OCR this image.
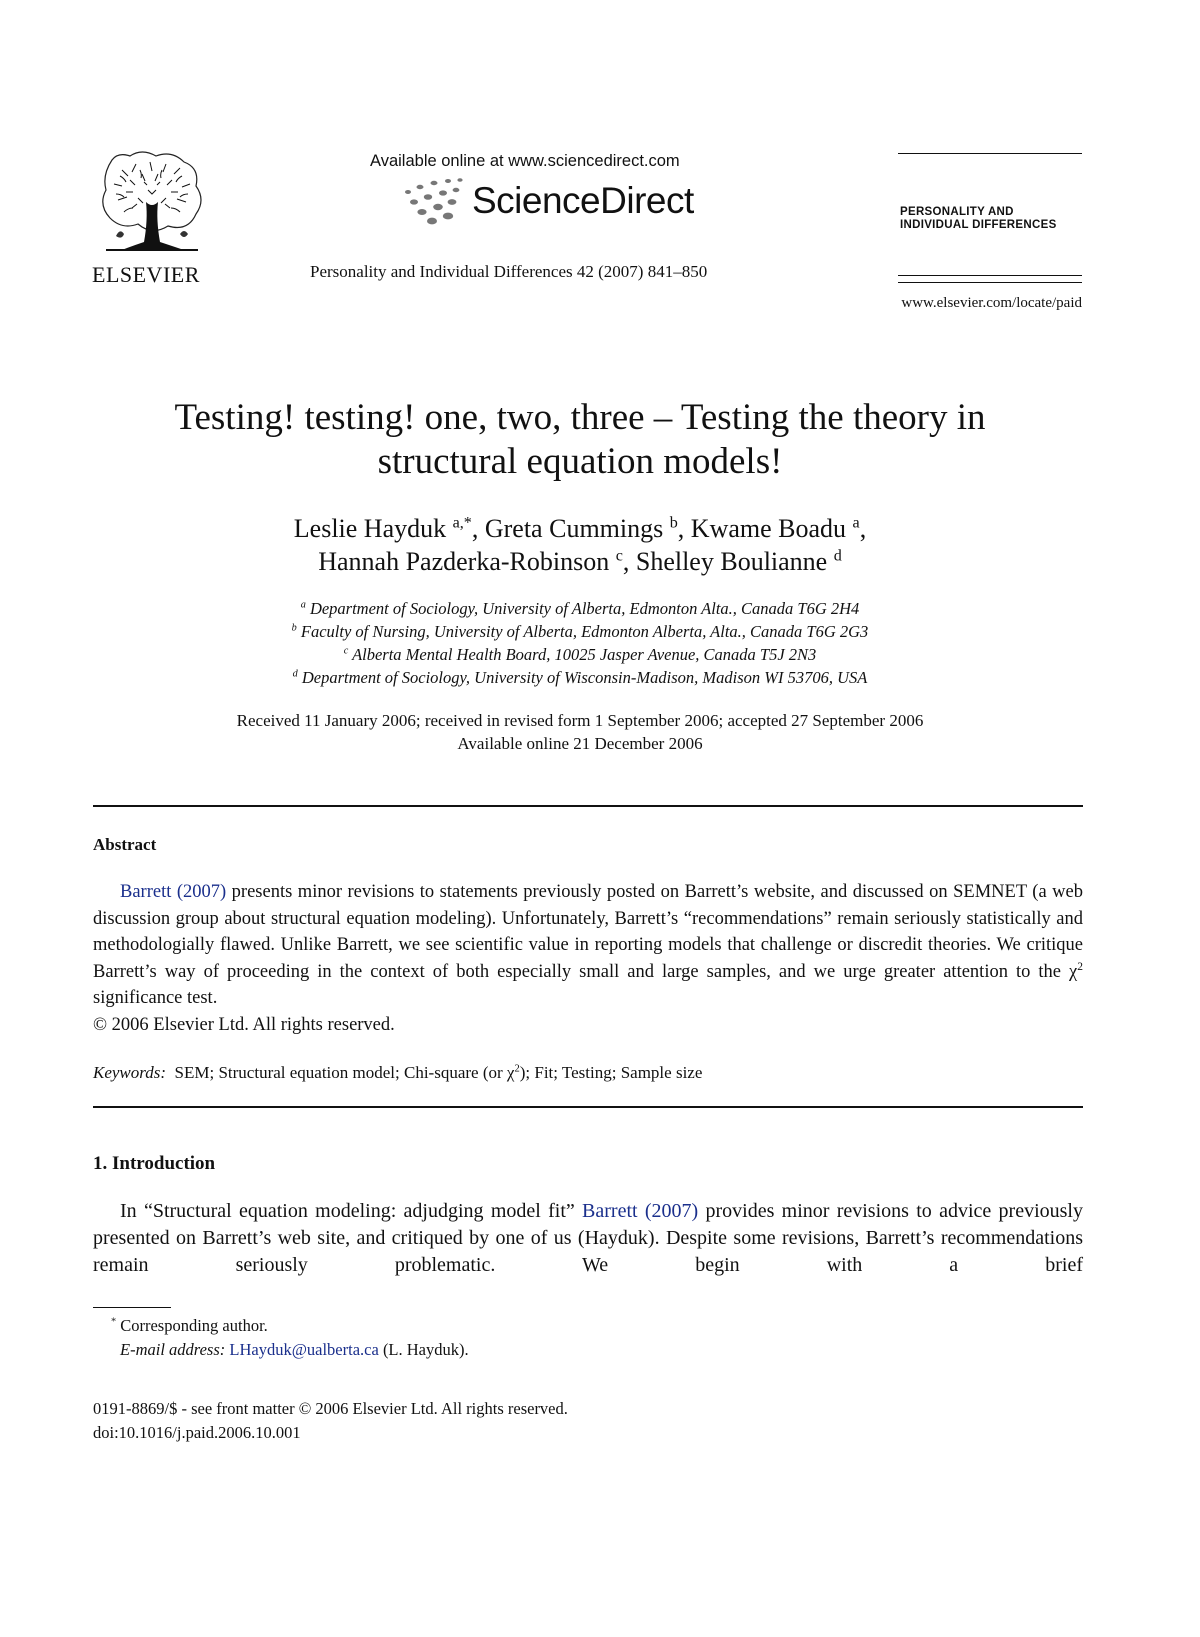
ELSEVIER
Available online at www.sciencedirect.com
ScienceDirect
Personality and Individual Differences 42 (2007) 841–850
PERSONALITY AND
INDIVIDUAL DIFFERENCES
www.elsevier.com/locate/paid
Testing! testing! one, two, three – Testing the theory in
structural equation models!
Leslie Hayduk $^{a,*}$, Greta Cummings $^b$, Kwame Boadu $^a$,
Hannah Pazderka-Robinson $^c$, Shelley Boulianne $^d$
$^a$ Department of Sociology, University of Alberta, Edmonton Alta., Canada T6G 2H4
$^b$ Faculty of Nursing, University of Alberta, Edmonton Alberta, Alta., Canada T6G 2G3
$^c$ Alberta Mental Health Board, 10025 Jasper Avenue, Canada T5J 2N3
$^d$ Department of Sociology, University of Wisconsin-Madison, Madison WI 53706, USA
Received 11 January 2006; received in revised form 1 September 2006; accepted 27 September 2006
Available online 21 December 2006
Abstract

Barrett (2007) presents minor revisions to statements previously posted on Barrett’s website, and discussed on SEMNET (a web discussion group about structural equation modeling). Unfortunately, Barrett’s “recommendations” remain seriously statistically and methodologially flawed. Unlike Barrett, we see scientific value in reporting models that challenge or discredit theories. We critique Barrett’s way of proceeding in the context of both especially small and large samples, and we urge greater attention to the $\chi^2$ significance test.

© 2006 Elsevier Ltd. All rights reserved.

Keywords: SEM; Structural equation model; Chi-square (or $\chi^2$); Fit; Testing; Sample size
1. Introduction

In “Structural equation modeling: adjudging model fit” Barrett (2007) provides minor revisions to advice previously presented on Barrett’s web site, and critiqued by one of us (Hayduk). Despite some revisions, Barrett’s recommendations remain seriously problematic. We begin with a brief

* Corresponding author.
E-mail address: LHayduk@ualberta.ca (L. Hayduk).
0191-8869/$ - see front matter © 2006 Elsevier Ltd. All rights reserved.
doi:10.1016/j.paid.2006.10.001
